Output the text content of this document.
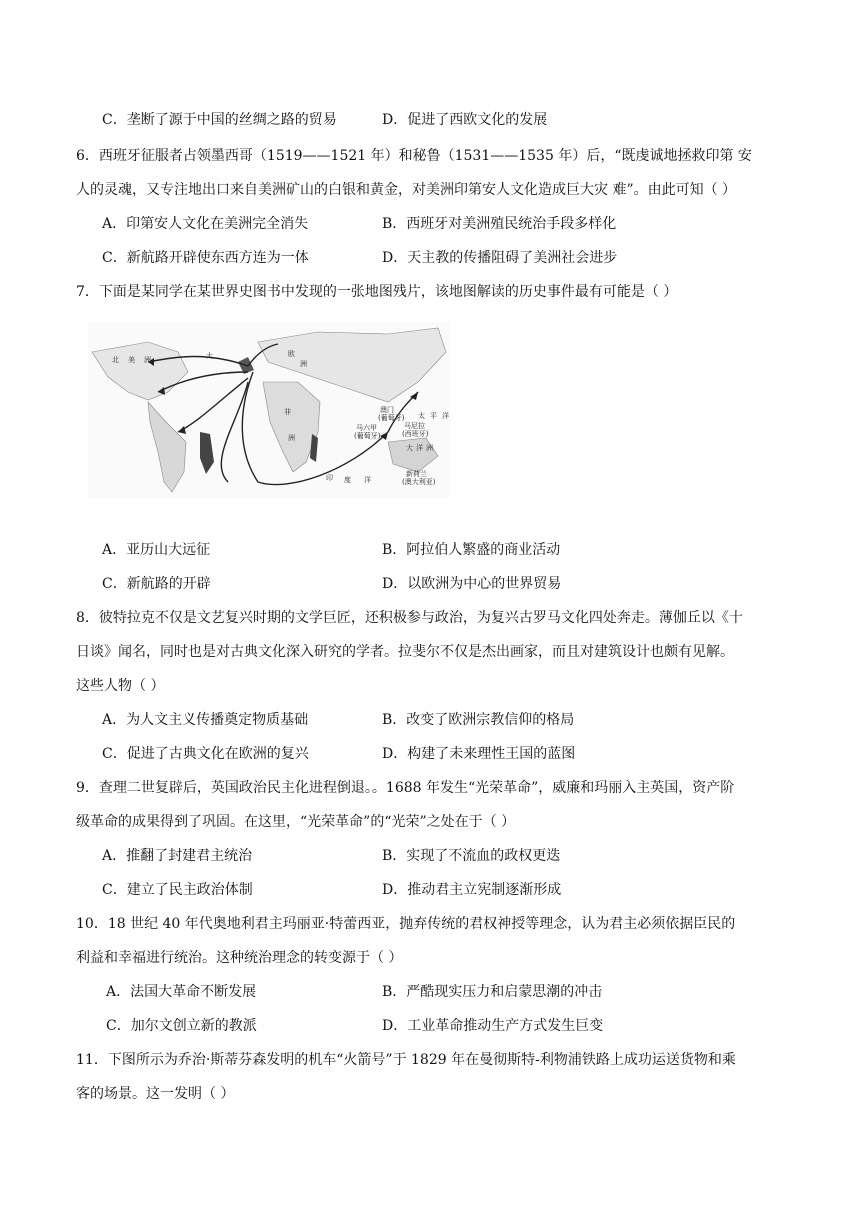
C．垄断了源于中国的丝绸之路的贸易	D．促进了西欧文化的发展
6．西班牙征服者占领墨西哥（1519——1521 年）和秘鲁（1531——1535 年）后，“既虔诚地拯救印第 安
人的灵魂，又专注地出口来自美洲矿山的白银和黄金，对美洲印第安人文化造成巨大灾 难”。由此可知（ ）
A．印第安人文化在美洲完全消失	B．西班牙对美洲殖民统治手段多样化
C．新航路开辟使东西方连为一体	D．天主教的传播阻碍了美洲社会进步
7．下面是某同学在某世界史图书中发现的一张地图残片，该地图解读的历史事件最有可能是（ ）
北 美 洲	大	欧
洲
非
洲
印 度 洋
太 平 洋
大 洋 洲
新荷兰
(澳大利亚)
澳门
(葡萄牙)
马尼拉
(西班牙)
马六甲
(葡萄牙)
A．亚历山大远征	B．阿拉伯人繁盛的商业活动
C．新航路的开辟	D．以欧洲为中心的世界贸易
8．彼特拉克不仅是文艺复兴时期的文学巨匠，还积极参与政治，为复兴古罗马文化四处奔走。薄伽丘以《十
日谈》闻名，同时也是对古典文化深入研究的学者。拉斐尔不仅是杰出画家，而且对建筑设计也颇有见解。
这些人物（ ）
A．为人文主义传播奠定物质基础	B．改变了欧洲宗教信仰的格局
C．促进了古典文化在欧洲的复兴	D．构建了未来理性王国的蓝图
9．查理二世复辟后，英国政治民主化进程倒退。。1688 年发生“光荣革命”，威廉和玛丽入主英国，资产阶
级革命的成果得到了巩固。在这里，“光荣革命”的“光荣”之处在于（ ）
A．推翻了封建君主统治	B．实现了不流血的政权更迭
C．建立了民主政治体制	D．推动君主立宪制逐渐形成
10．18 世纪 40 年代奥地利君主玛丽亚·特蕾西亚，抛弃传统的君权神授等理念，认为君主必须依据臣民的
利益和幸福进行统治。这种统治理念的转变源于（ ）
A．法国大革命不断发展	B．严酷现实压力和启蒙思潮的冲击
C．加尔文创立新的教派	D．工业革命推动生产方式发生巨变
11．下图所示为乔治·斯蒂芬森发明的机车“火箭号”于 1829 年在曼彻斯特-利物浦铁路上成功运送货物和乘
客的场景。这一发明（ ）
